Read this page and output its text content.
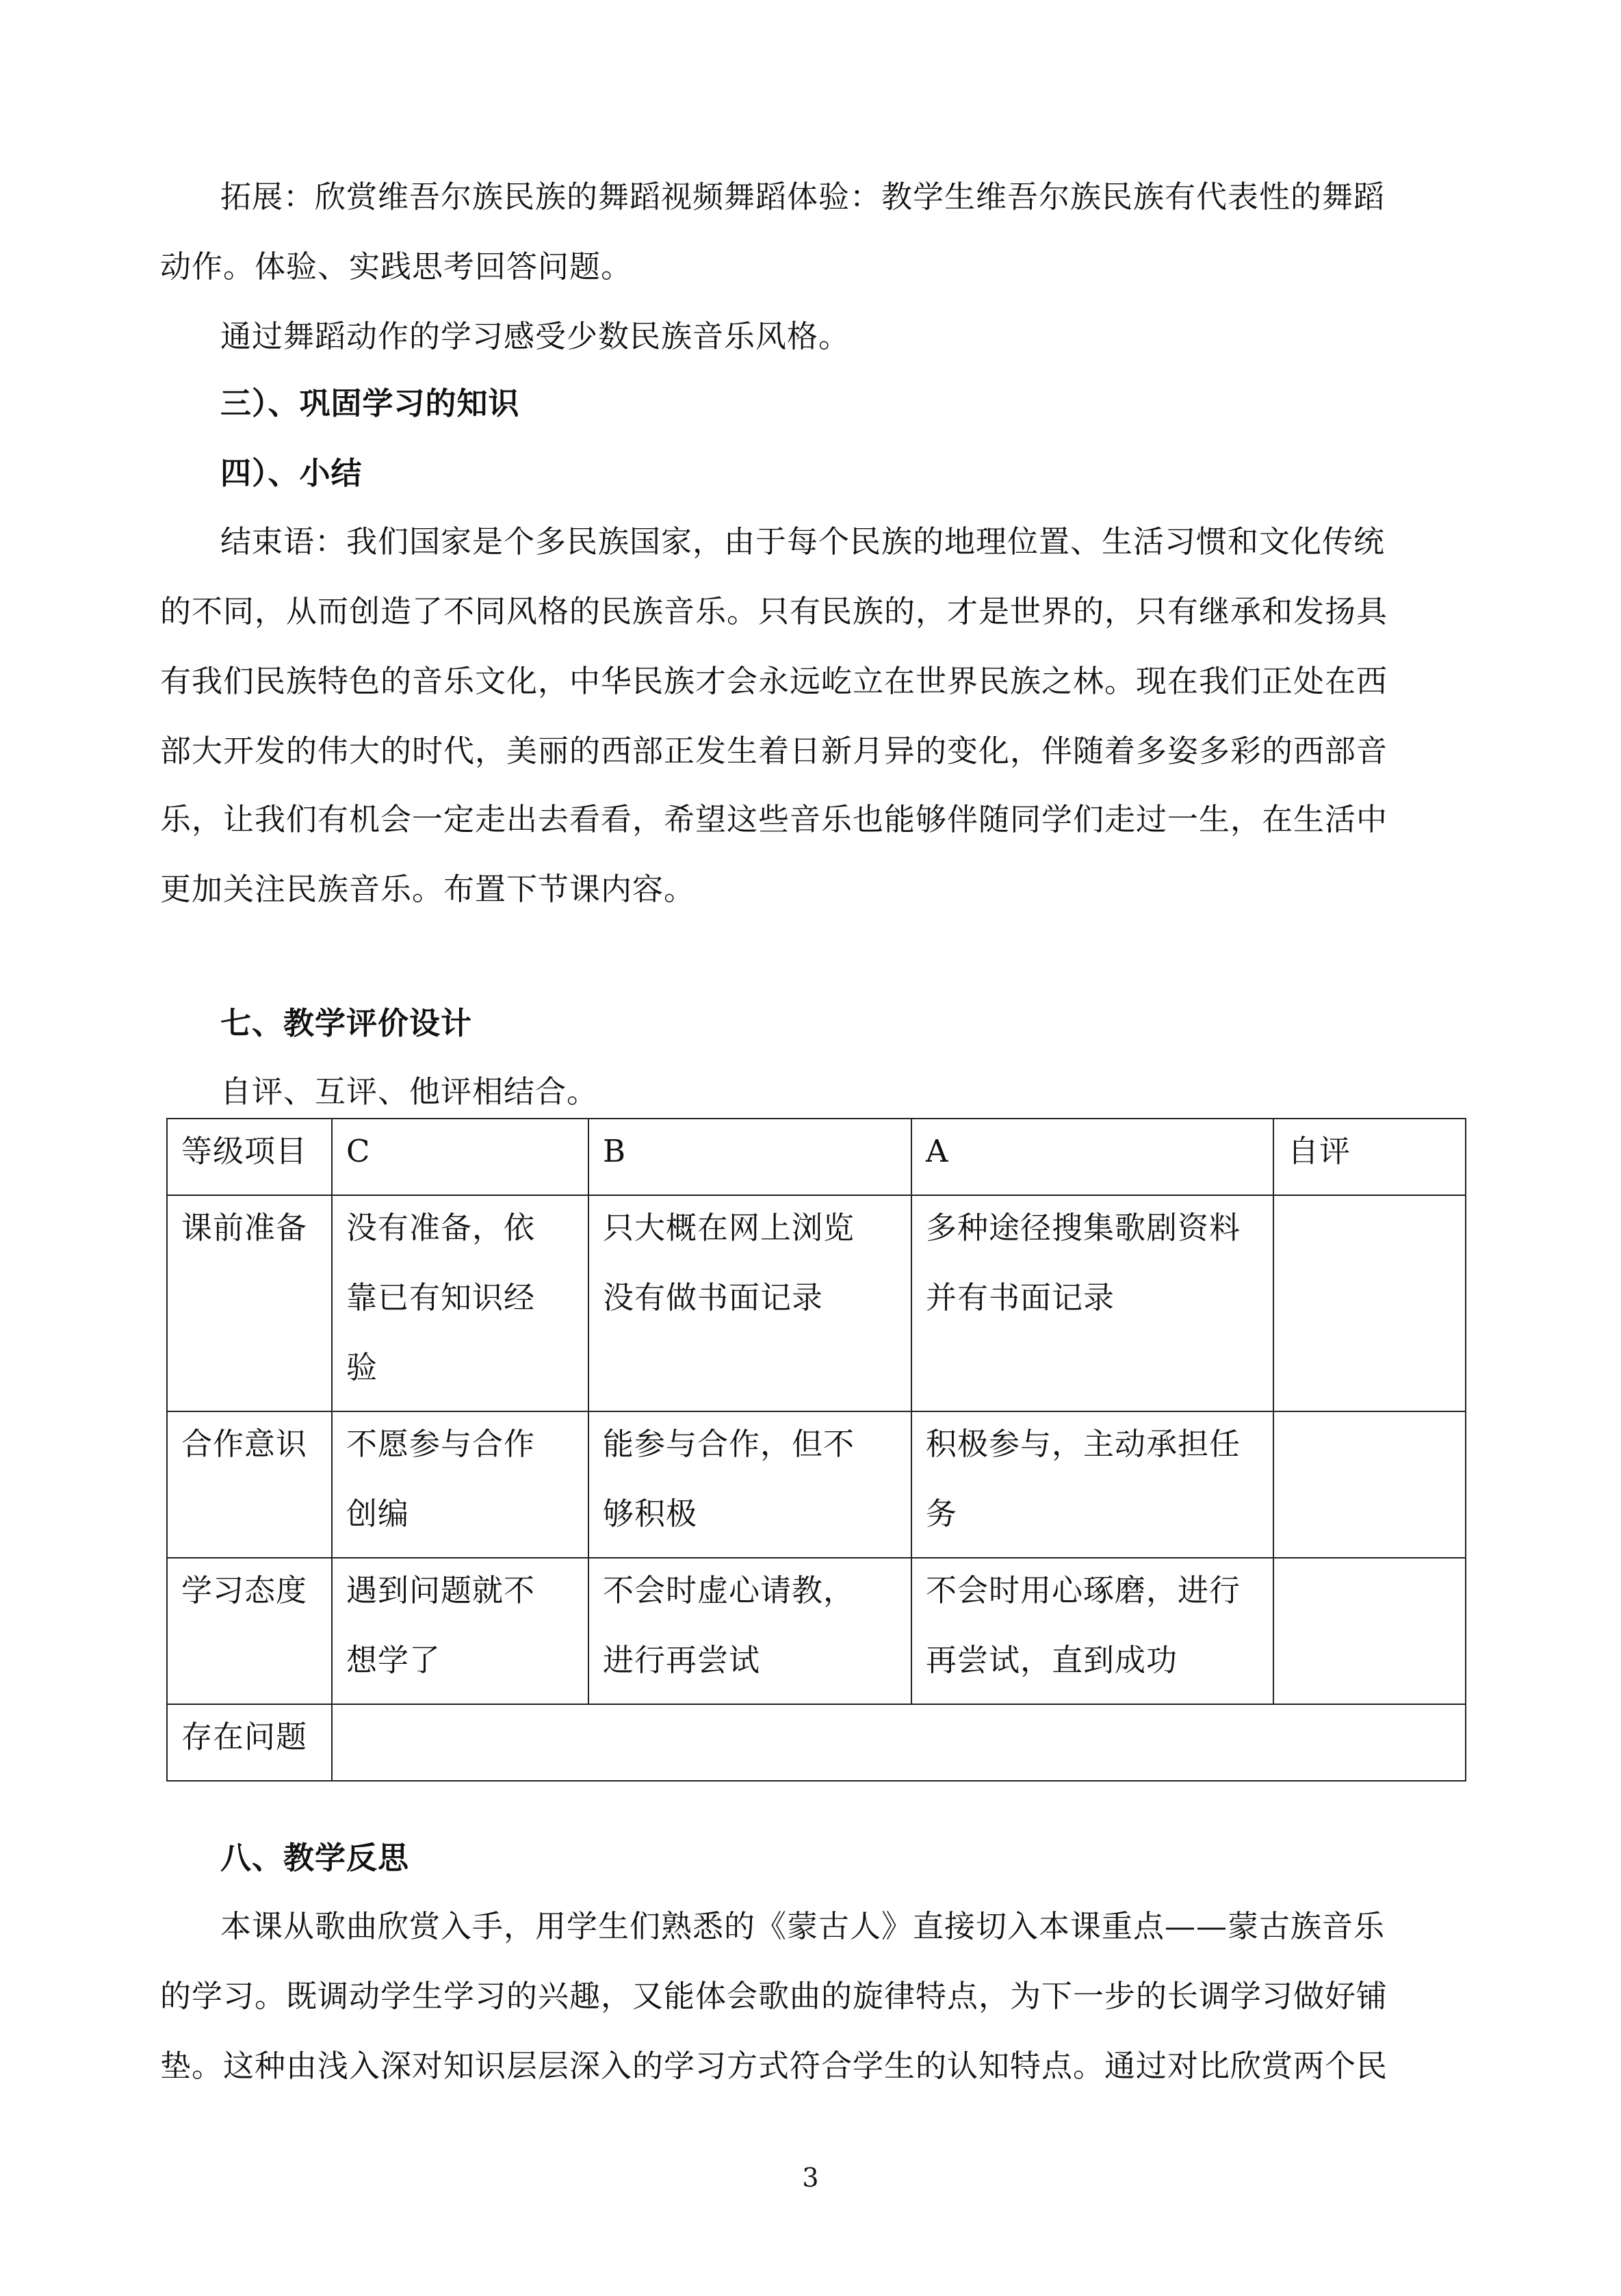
拓展：欣赏维吾尔族民族的舞蹈视频舞蹈体验：教学生维吾尔族民族有代表性的舞蹈
动作。体验、实践思考回答问题。
通过舞蹈动作的学习感受少数民族音乐风格。
三）、巩固学习的知识
四）、小结
结束语：我们国家是个多民族国家，由于每个民族的地理位置、生活习惯和文化传统
的不同，从而创造了不同风格的民族音乐。只有民族的，才是世界的，只有继承和发扬具
有我们民族特色的音乐文化，中华民族才会永远屹立在世界民族之林。现在我们正处在西
部大开发的伟大的时代，美丽的西部正发生着日新月异的变化，伴随着多姿多彩的西部音
乐，让我们有机会一定走出去看看，希望这些音乐也能够伴随同学们走过一生，在生活中
更加关注民族音乐。布置下节课内容。
七、教学评价设计
自评、互评、他评相结合。
等级项目	C	B	A	自评

课前准备	没有准备，依
靠已有知识经
验	只大概在网上浏览
没有做书面记录	多种途径搜集歌剧资料
并有书面记录	

合作意识	不愿参与合作
创编	能参与合作，但不
够积极	积极参与，主动承担任
务	

学习态度	遇到问题就不
想学了	不会时虚心请教，
进行再尝试	不会时用心琢磨，进行
再尝试，直到成功	

存在问题				

八、教学反思
本课从歌曲欣赏入手，用学生们熟悉的《蒙古人》直接切入本课重点——蒙古族音乐
的学习。既调动学生学习的兴趣，又能体会歌曲的旋律特点，为下一步的长调学习做好铺
垫。这种由浅入深对知识层层深入的学习方式符合学生的认知特点。通过对比欣赏两个民
3
